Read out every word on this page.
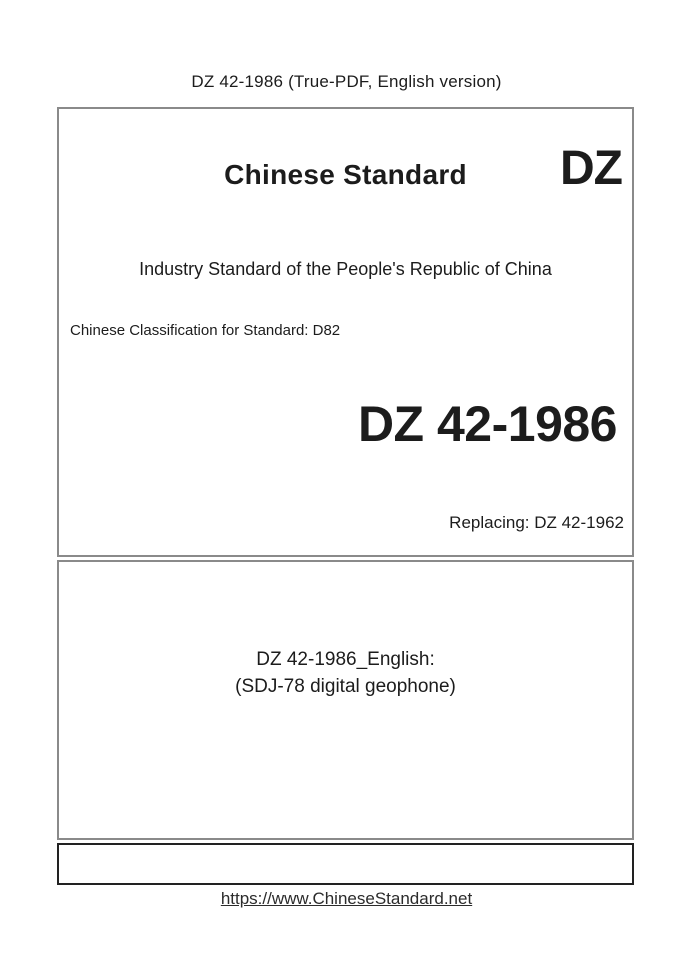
DZ 42-1986 (True-PDF, English version)
Chinese Standard	DZ
Industry Standard of the People's Republic of China
Chinese Classification for Standard: D82
DZ 42-1986
Replacing: DZ 42-1962
DZ 42-1986_English:
(SDJ-78 digital geophone)
https://www.ChineseStandard.net
